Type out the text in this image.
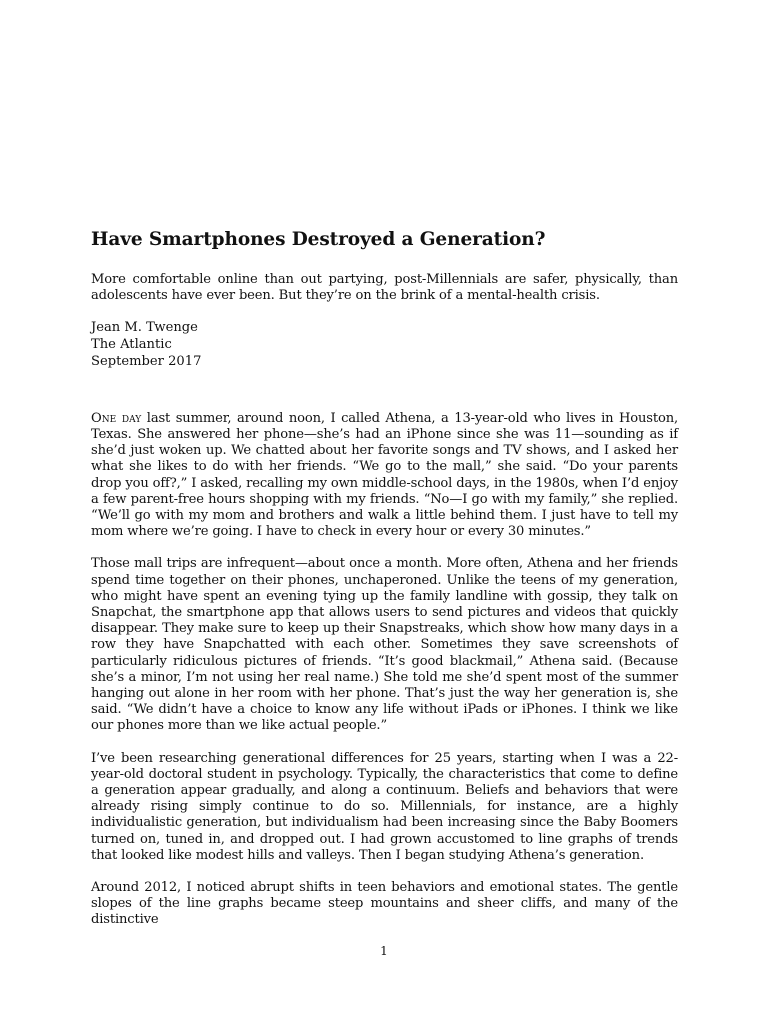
Have Smartphones Destroyed a Generation?

More comfortable online than out partying, post-Millennials are safer, physically, than adolescents have ever been. But they’re on the brink of a mental-health crisis.

Jean M. Twenge
The Atlantic
September 2017

One day last summer, around noon, I called Athena, a 13-year-old who lives in Houston, Texas. She answered her phone—she’s had an iPhone since she was 11—sounding as if she’d just woken up. We chatted about her favorite songs and TV shows, and I asked her what she likes to do with her friends. “We go to the mall,” she said. “Do your parents drop you off?,” I asked, recalling my own middle-school days, in the 1980s, when I’d enjoy a few parent-free hours shopping with my friends. “No—I go with my family,” she replied. “We’ll go with my mom and brothers and walk a little behind them. I just have to tell my mom where we’re going. I have to check in every hour or every 30 minutes.”

Those mall trips are infrequent—about once a month. More often, Athena and her friends spend time together on their phones, unchaperoned. Unlike the teens of my generation, who might have spent an evening tying up the family landline with gossip, they talk on Snapchat, the smartphone app that allows users to send pictures and videos that quickly disappear. They make sure to keep up their Snapstreaks, which show how many days in a row they have Snapchatted with each other. Sometimes they save screenshots of particularly ridiculous pictures of friends. “It’s good blackmail,” Athena said. (Because she’s a minor, I’m not using her real name.) She told me she’d spent most of the summer hanging out alone in her room with her phone. That’s just the way her generation is, she said. “We didn’t have a choice to know any life without iPads or iPhones. I think we like our phones more than we like actual people.”

I’ve been researching generational differences for 25 years, starting when I was a 22-year-old doctoral student in psychology. Typically, the characteristics that come to define a generation appear gradually, and along a continuum. Beliefs and behaviors that were already rising simply continue to do so. Millennials, for instance, are a highly individualistic generation, but individualism had been increasing since the Baby Boomers turned on, tuned in, and dropped out. I had grown accustomed to line graphs of trends that looked like modest hills and valleys. Then I began studying Athena’s generation.

Around 2012, I noticed abrupt shifts in teen behaviors and emotional states. The gentle slopes of the line graphs became steep mountains and sheer cliffs, and many of the distinctive

1
